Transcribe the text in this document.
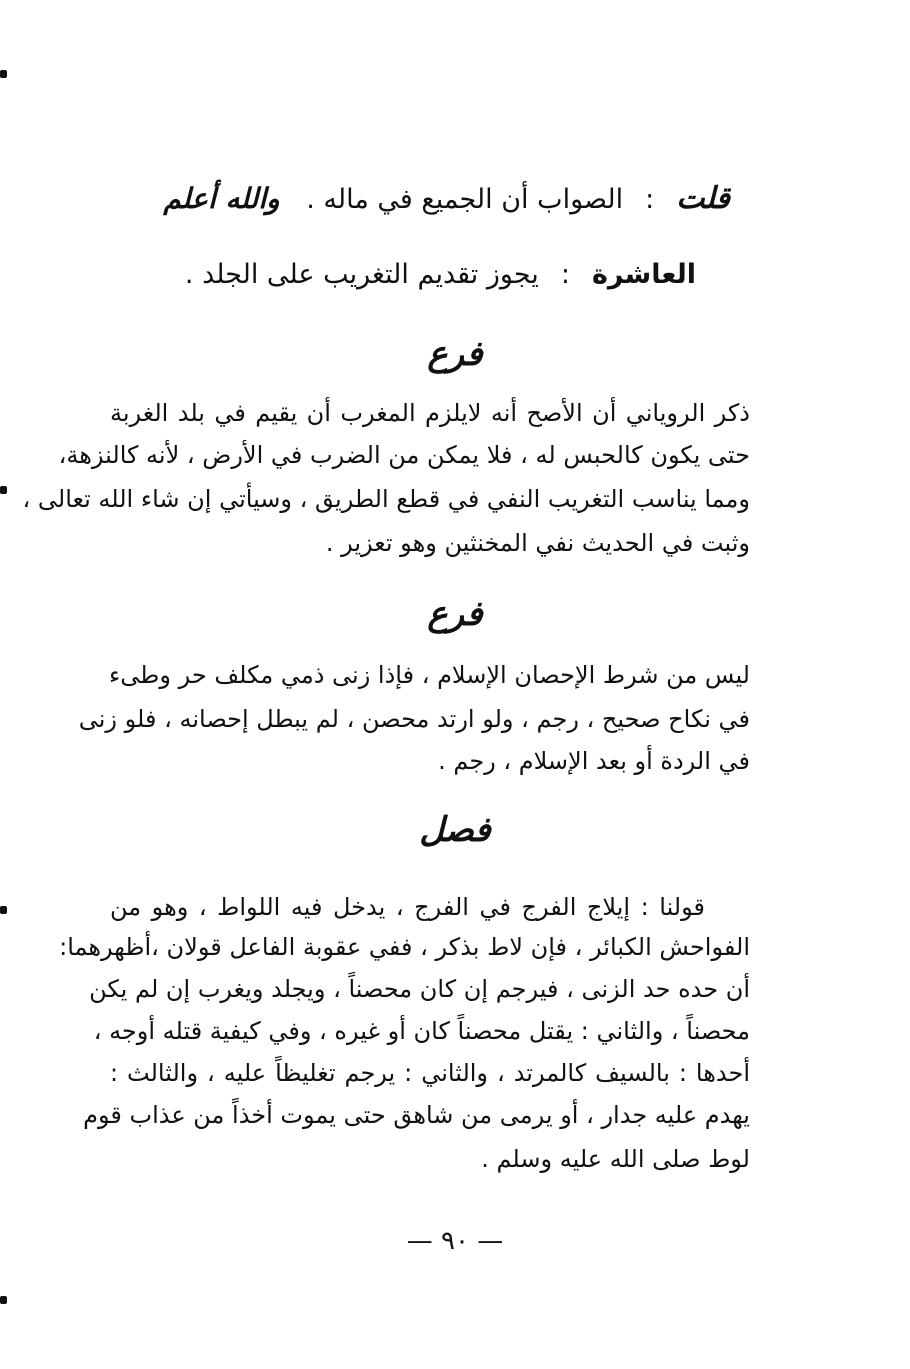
قلت:الصواب أن الجميع في ماله . والله أعلم
العاشرة:يجوز تقديم التغريب على الجلد .
فرع
ذكر الروياني أن الأصح أنه لايلزم المغرب أن يقيم في بلد الغربة
حتى يكون كالحبس له ، فلا يمكن من الضرب في الأرض ، لأنه كالنزهة،
ومما يناسب التغريب النفي في قطع الطريق ، وسيأتي إن شاء الله تعالى ،
وثبت في الحديث نفي المخنثين وهو تعزير .
فرع
ليس من شرط الإحصان الإسلام ، فإذا زنى ذمي مكلف حر وطىء
في نكاح صحيح ، رجم ، ولو ارتد محصن ، لم يبطل إحصانه ، فلو زنى
في الردة أو بعد الإسلام ، رجم .
فصل
قولنا : إيلاج الفرج في الفرج ، يدخل فيه اللواط ، وهو من
الفواحش الكبائر ، فإن لاط بذكر ، ففي عقوبة الفاعل قولان ،أظهرهما:
أن حده حد الزنى ، فيرجم إن كان محصناً ، ويجلد ويغرب إن لم يكن
محصناً ، والثاني : يقتل محصناً كان أو غيره ، وفي كيفية قتله أوجه ،
أحدها : بالسيف كالمرتد ، والثاني : يرجم تغليظاً عليه ، والثالث :
يهدم عليه جدار ، أو يرمى من شاهق حتى يموت أخذاً من عذاب قوم
لوط صلى الله عليه وسلم .
— ٩٠ —
